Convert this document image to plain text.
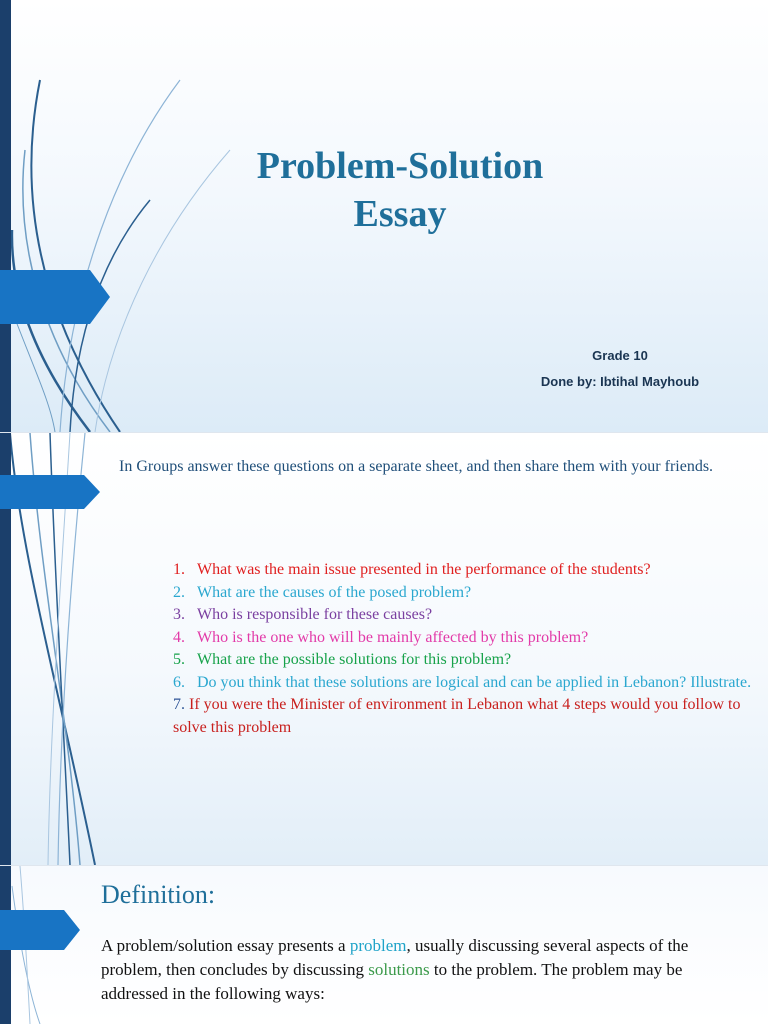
Problem-Solution
Essay
Grade 10
Done by: Ibtihal Mayhoub
In Groups answer these questions on a separate sheet, and then share them with your friends.
1. What was the main issue presented in the performance of the students?
2. What are the causes of the posed problem?
3. Who is responsible for these causes?
4. Who is the one who will be mainly affected by this problem?
5. What are the possible solutions for this problem?
6. Do you think that these solutions are logical and can be applied in Lebanon? Illustrate.
7. If you were the Minister of environment in Lebanon what 4 steps would you follow to solve this problem
Definition:
A problem/solution essay presents a problem, usually discussing several aspects of the problem, then concludes by discussing solutions to the problem. The problem may be addressed in the following ways:
